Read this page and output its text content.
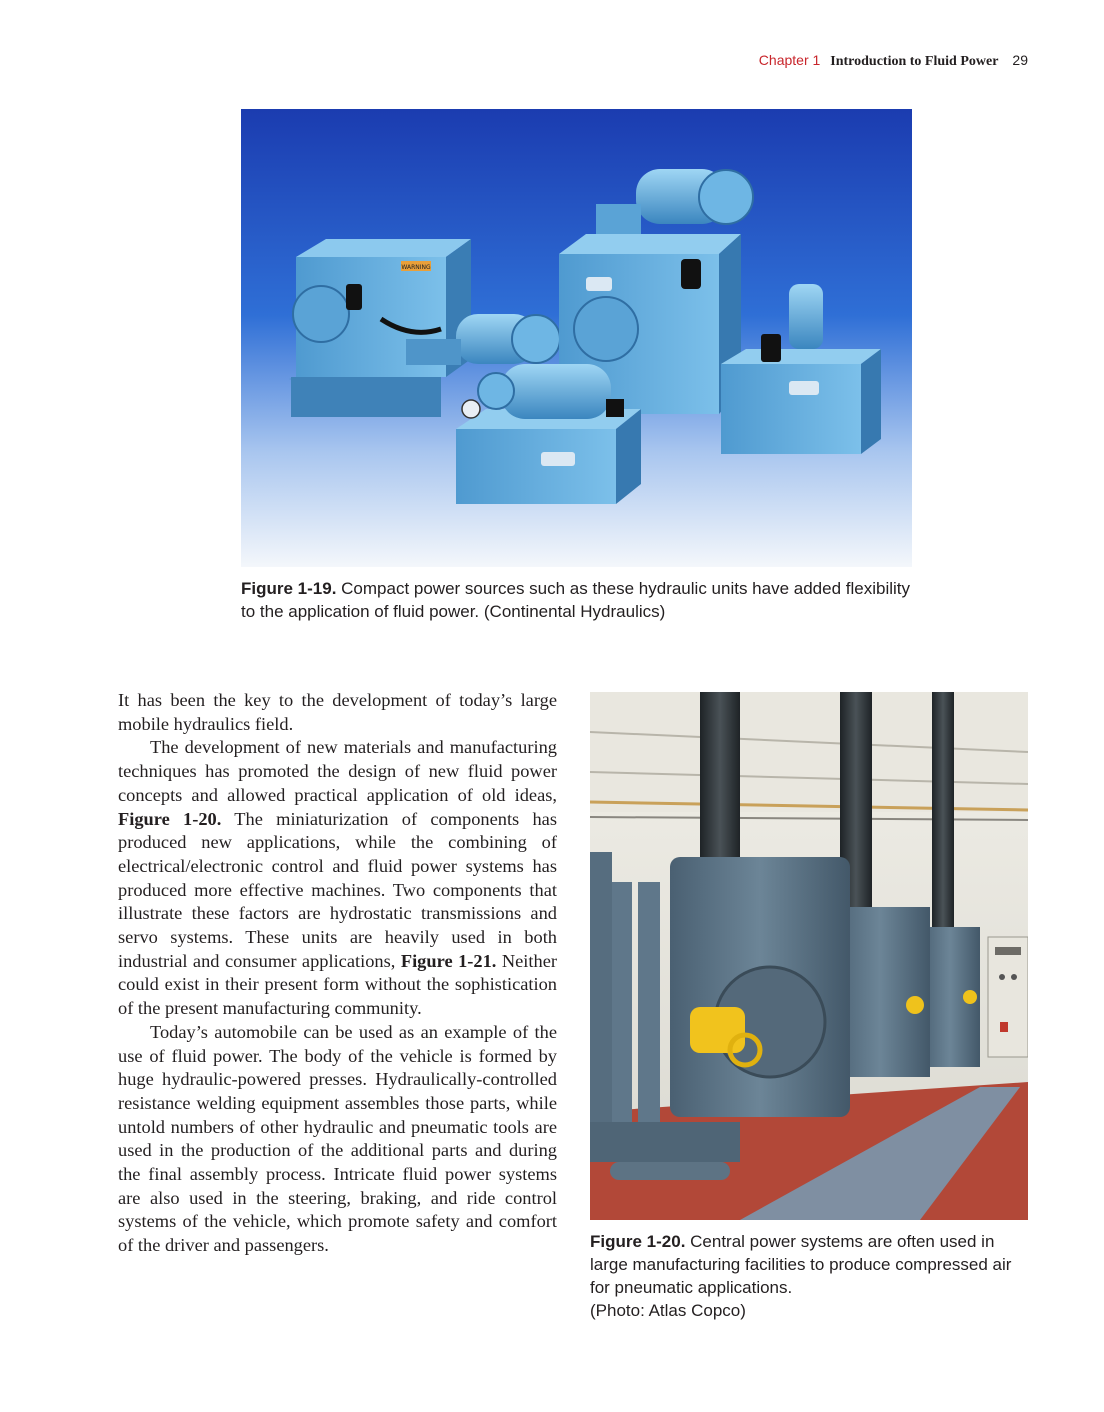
Chapter 1 Introduction to Fluid Power 29
WARNING
Figure 1-19. Compact power sources such as these hydraulic units have added flexibility to the application of fluid power. (Continental Hydraulics)

It has been the key to the development of today’s large mobile hydraulics field.

The development of new materials and manufacturing techniques has promoted the design of new fluid power concepts and allowed practical application of old ideas, Figure 1-20. The miniaturization of components has produced new applications, while the combining of electrical/electronic control and fluid power systems has produced more effective machines. Two components that illustrate these factors are hydrostatic transmissions and servo systems. These units are heavily used in both industrial and consumer applications, Figure 1-21. Neither could exist in their present form without the sophistication of the present manufacturing community.

Today’s automobile can be used as an example of the use of fluid power. The body of the vehicle is formed by huge hydraulic-powered presses. Hydraulically-controlled resistance welding equipment assembles those parts, while untold numbers of other hydraulic and pneumatic tools are used in the production of the additional parts and during the final assembly process. Intricate fluid power systems are also used in the steering, braking, and ride control systems of the vehicle, which promote safety and comfort of the driver and passengers.	Figure 1-20. Central power systems are often used in large manufacturing facilities to produce compressed air for pneumatic applications.
(Photo: Atlas Copco)
